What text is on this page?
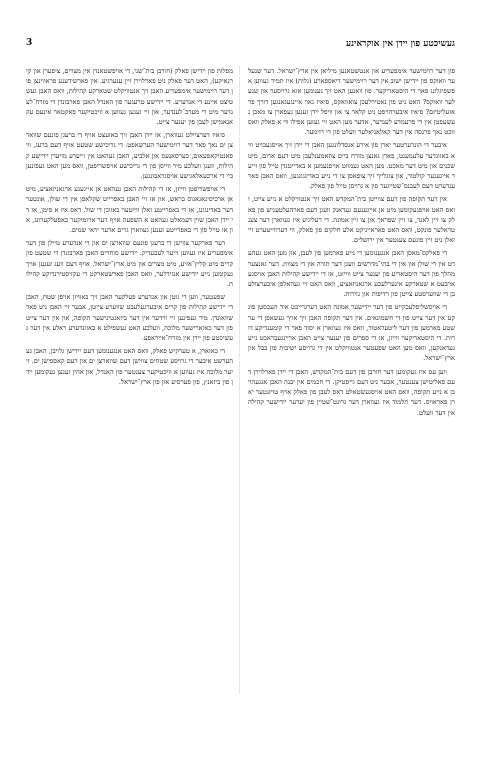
3	געשיכטע פון יידן אין אוקראינע

פון דער רוימישער אימפעריע און אנטשטאנען מיליאן אין ארץ־ישראל. דער שנעלער וואוקס פון יידישן ישוב אין דער רוימישער דיאספארע (גלות) איז תמיד געווען אפשפיגלונג פאר די היסטאריקער. פון וואנען האט זיך גענומען אזא גרויסער און שנעלער וואוקס? האט ניט פון נאטירלעכן צואוואקס, ס׳איז גאר איינגעגאנגען דורך פראזעליטיזם? ס׳איז איבערהויפט ניט קלאר צי און וויפל יידן זענען געפארן צו מאכן געשעפטן אין די פרעמדע לענדער, אדער מען האט זיי געזען אפילו ווי א פאלק וואס זוכט נאך פרנסה אין דער קאלאניאלער וועלט פון די רוימער.

איבער די הונדערטער יארן פון אירע אנסדלונגען האבן די יידן זיך אויסגעבויט ווי א באזונדער עלעמענט, פארן גאנצן מזרח ביים צוזאמענלעבן מיט דעם ארום, מיט שכנים און מיט דער מאכט. מען האט געמוזט אויפנעמען א באדייטנדן טייל פון זייער אייגענער קולטור, און צוגלייך זיך צופאסן צו די נייע באדינגונגען, וואס האבן פארענדערט דעם לעבנס־שטייגער פון א גרויסן טייל פון פאלק.

אין דער תקופה פון דעם צווייטן בית־המקדש האט זיך אנטוויקלט א נייע צייט, וואס האט אויפגעקומען מיט אן אייגענעם געדאנק וועגן דעם פארהעלטעניש פון פאלק צו זיין לאנד, צו זיין שפראך און צו זיין אמונה. די רעליגיע איז געווארן דער צענטראלער פונקט, וואס האט פאראייניקט אלע חלקים פון פאלק, ווי דערווייטערט זיי זאלן ניט זיין פונעם צענטער אין ירושלים.

די פאלקס־מאסן האבן אנגענומען די נייע פארמען פון לעבן, און מען האט געהערט אין די שולן און אין די בתי־מדרשים וועגן דער תורה און די מצוות. דער גאנצער מהלך פון דער היסטאריע פון יענער צייט ווייזט, אז די יידישע קהילות האבן אויסגעארבעט א שטארקע אינערלעכע ארגאניזאציע, וואס האט זיי געהאלפן איבערצולעבן די שווערסטע צייטן פון רדיפות און גזירות.

די אויסשליסלעכקייט פון דער יידישער אמונה האט דערגרייכט איר העכסטן פונקט אין דער צייט פון די חשמונאים. אין דער תקופה האבן זיך אויך געשאפן די ערשטע פארמען פון דער ליטעראטור, וואס איז געווארן א יסוד פאר די קומענדיקע דורות. די היסטאריקער ווייזן, אז די ספרים פון יענער צייט האבן אריינגעבראכט נייע געדאנקען, וואס מען האט שפעטער אנטוויקלט אין די גרויסע ישיבות פון בבל און ארץ־ישראל.

ווען עס איז געקומען דער חורבן פון דעם בית־המקדש, האבן די יידן פארלוירן דעם פאליטישן צענטער, אבער ניט דעם גייסטיקן. די חכמים אין יבנה האבן אנגעהויבן א נייע תקופה, וואס האט אויסגעשטאלט דאס לעבן פון פאלק אויף טויזנטער יארן פאראויס. דער תלמוד איז געווארן דער גרונט־שטיין פון יעדער יידישער קהילה אין דער וועלט.

מפלות פון יידישן פאלק (חורבן בית־שני, די אויפשטאנדן אין מצרים, ציפערן און קירנאיקע), האט דער פאלק ניט פארלוירן זיין ענערגיע. אין פארשידענע פראווינצן פון דער רוימישער אימפעריע האבן זיך אנטוויקלט שטארקע קהילות, וואס האבן געשטיצט איינע די אנדערע. די יידישע טרעגער פון האנדל האבן פארבונדן די מזרח־לענדער מיט די מערב־לענדער, און זיי זענען געווען א וויכטיקער פאקטאר אינעם עקאנאמישן לעבן פון יענער צייט.

ס׳איז דערציילט געווארן, אז יידן האבן זיך באזעצט אויף די ברעגן פונעם שווארצן ים נאך פאר דער רוימישער הערשאפט. די גריכישע שטעט אויף דעם ברעג, ווי פאנטיקאפעאום, כערסאנעס און אלביע, האבן געהאט אין זייערע מויערן יידישע קהילות, וועגן וועלכע מיר ווייסן פון די גריכישע אויפשריפטן, וואס מען האט געפונען ביי די ארכעאלאגישע אויסגראבונגען.

די אויפשריפטן ווייזן, אז די קהילות האבן געהאט אן אייגענע ארגאניזאציע, מיט אן ארכיסינאגאגוס בראש, און אז זיי האבן באפרייט שקלאפן אין די שולן, אונטער דער באדינגונג, אז די באפרייטע זאלן ווייטער באזוכן די שול. דאס איז א סימן, אז די יידן האבן שוין דעמאלט געהאט א השפעה אויף דער ארומיקער באפעלקערונג, און אז טייל פון די באפרייטע זענען געווארן גרים אדער יראי שמים.

דער פארקער צווישן די ברעגן פונעם שווארצן ים און די אנדערע טיילן פון דער אימפעריע איז געווען זייער לעבעדיק. יידישע סוחרים האבן פארבונדן די שטעט פון קרים מיט קליין־אזיע, מיט מצרים און מיט ארץ־ישראל. אויף דעם וועג זענען אויך געקומען נייע יידישע אנזידלער, וואס האבן פארשטארקט די עקזיסטירנדיקע קהילות.

שפעטער, ווען די גוטן און אנדערע פעלקער האבן זיך באוויזן אויפן שטח, האבן די יידישע קהילות פון קרים איבערגעלעבט שווערע צייטן, אבער זיי האבן ניט פארשוואונדן. מיר געפינען זיי ווידער אין דער ביזאנטינישער תקופה, און אין דער צייט פון דער כאזארישער מלוכה, וועלכע האט געשפילט א באזונדערע ראלע אין דער געשיכטע פון יידן אין מזרח־אייראפע.

די כאזארן, א טערקיש פאלק, וואס האט אנגענומען דעם יידישן גלויבן, האבן געהערשט איבער די גרויסע שטחים צווישן דעם שווארצן ים און דעם קאספישן ים. זייער מלוכה איז געווען א וויכטיקער צענטער פון האנדל, און אהין זענען געקומען יידן פון ביזאנץ, פון פערסיע און פון ארץ־ישראל.
